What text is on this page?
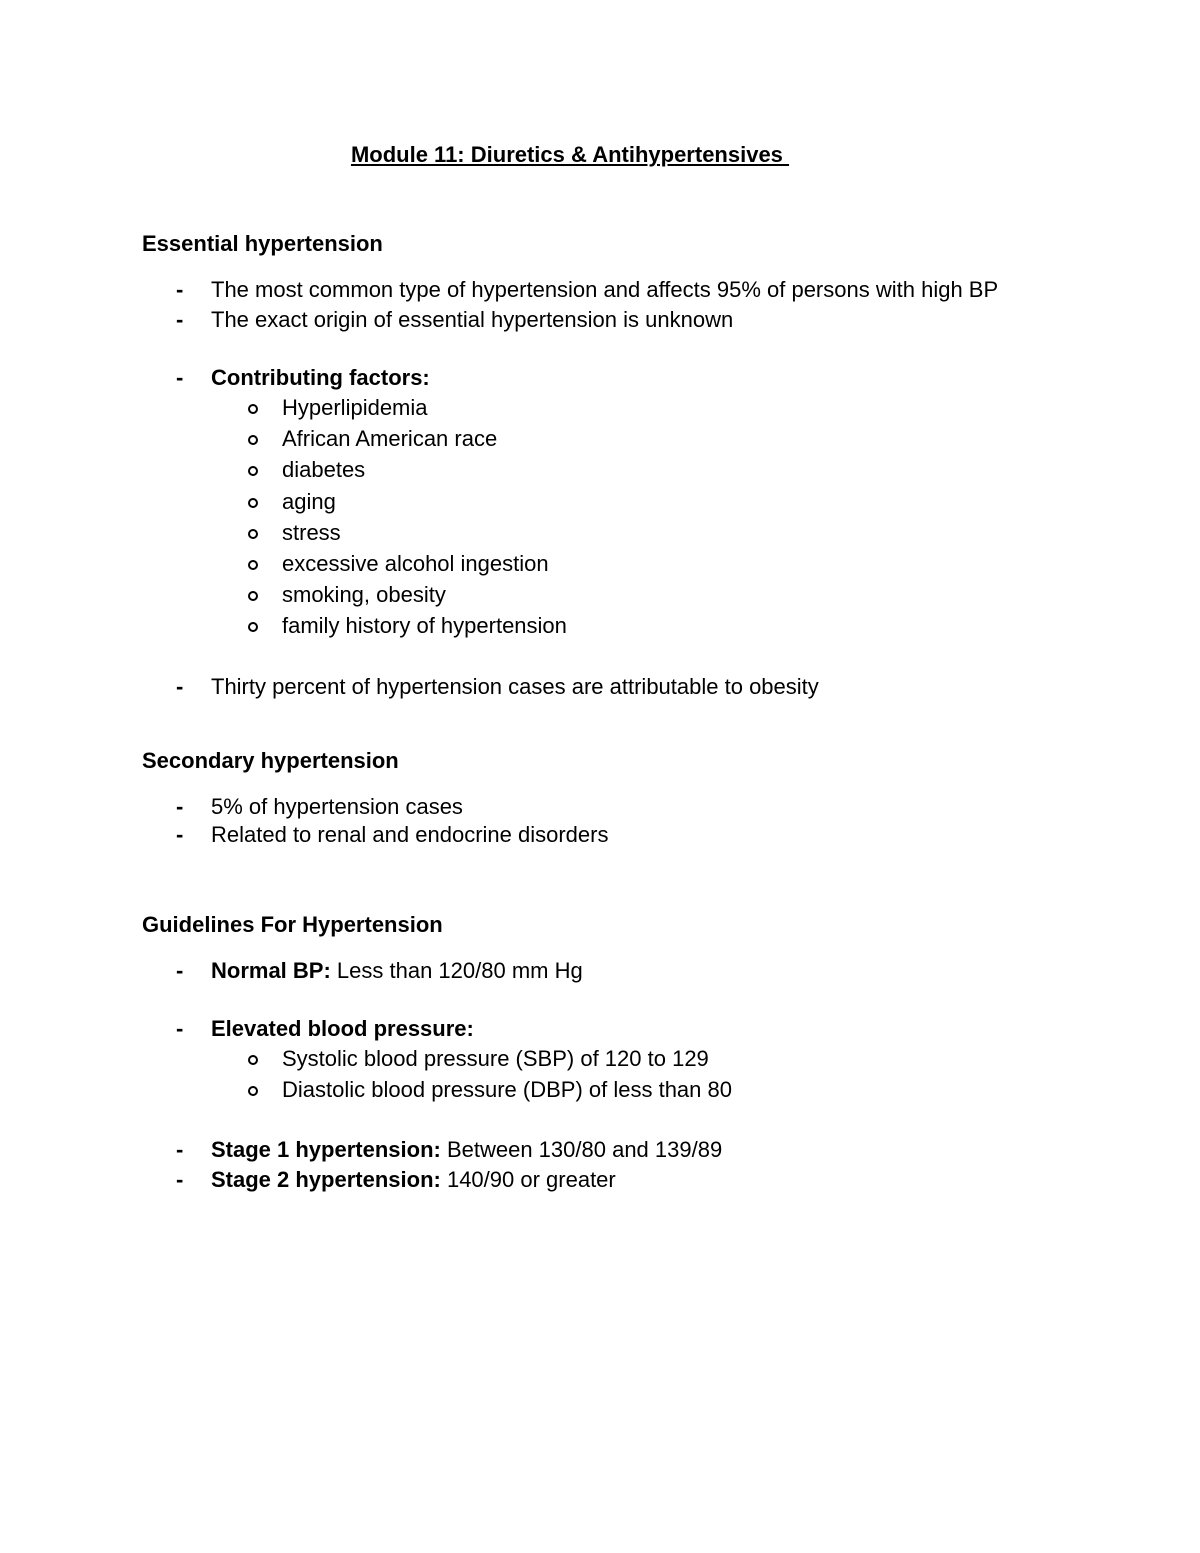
Module 11: Diuretics & Antihypertensives
Essential hypertension
- The most common type of hypertension and affects 95% of persons with high BP
- The exact origin of essential hypertension is unknown
- Contributing factors:
Hyperlipidemia
African American race
diabetes
aging
stress
excessive alcohol ingestion
smoking, obesity
family history of hypertension
- Thirty percent of hypertension cases are attributable to obesity
Secondary hypertension
- 5% of hypertension cases
- Related to renal and endocrine disorders
Guidelines For Hypertension
- Normal BP: Less than 120/80 mm Hg
- Elevated blood pressure:
Systolic blood pressure (SBP) of 120 to 129
Diastolic blood pressure (DBP) of less than 80
- Stage 1 hypertension: Between 130/80 and 139/89
- Stage 2 hypertension: 140/90 or greater
